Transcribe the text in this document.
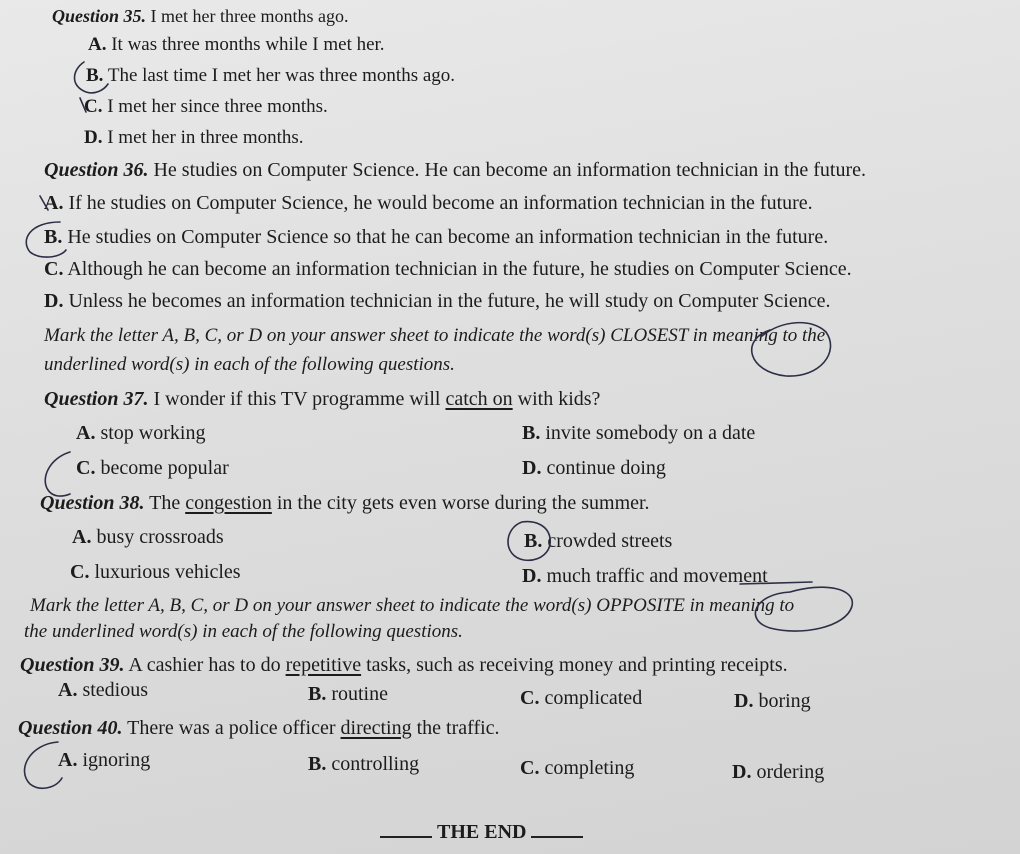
Question 35. I met her three months ago.
A. It was three months while I met her.
B. The last time I met her was three months ago.
C. I met her since three months.
D. I met her in three months.
Question 36. He studies on Computer Science. He can become an information technician in the future.
A. If he studies on Computer Science, he would become an information technician in the future.
B. He studies on Computer Science so that he can become an information technician in the future.
C. Although he can become an information technician in the future, he studies on Computer Science.
D. Unless he becomes an information technician in the future, he will study on Computer Science.
Mark the letter A, B, C, or D on your answer sheet to indicate the word(s) CLOSEST in meaning to the
underlined word(s) in each of the following questions.
Question 37. I wonder if this TV programme will catch on with kids?
A. stop working	B. invite somebody on a date
C. become popular	D. continue doing
Question 38. The congestion in the city gets even worse during the summer.
A. busy crossroads	B. crowded streets
C. luxurious vehicles	D. much traffic and movement
Mark the letter A, B, C, or D on your answer sheet to indicate the word(s) OPPOSITE in meaning to
the underlined word(s) in each of the following questions.
Question 39. A cashier has to do repetitive tasks, such as receiving money and printing receipts.
A. stedious	B. routine	C. complicated	D. boring
Question 40. There was a police officer directing the traffic.
A. ignoring	B. controlling	C. completing	D. ordering
THE END
